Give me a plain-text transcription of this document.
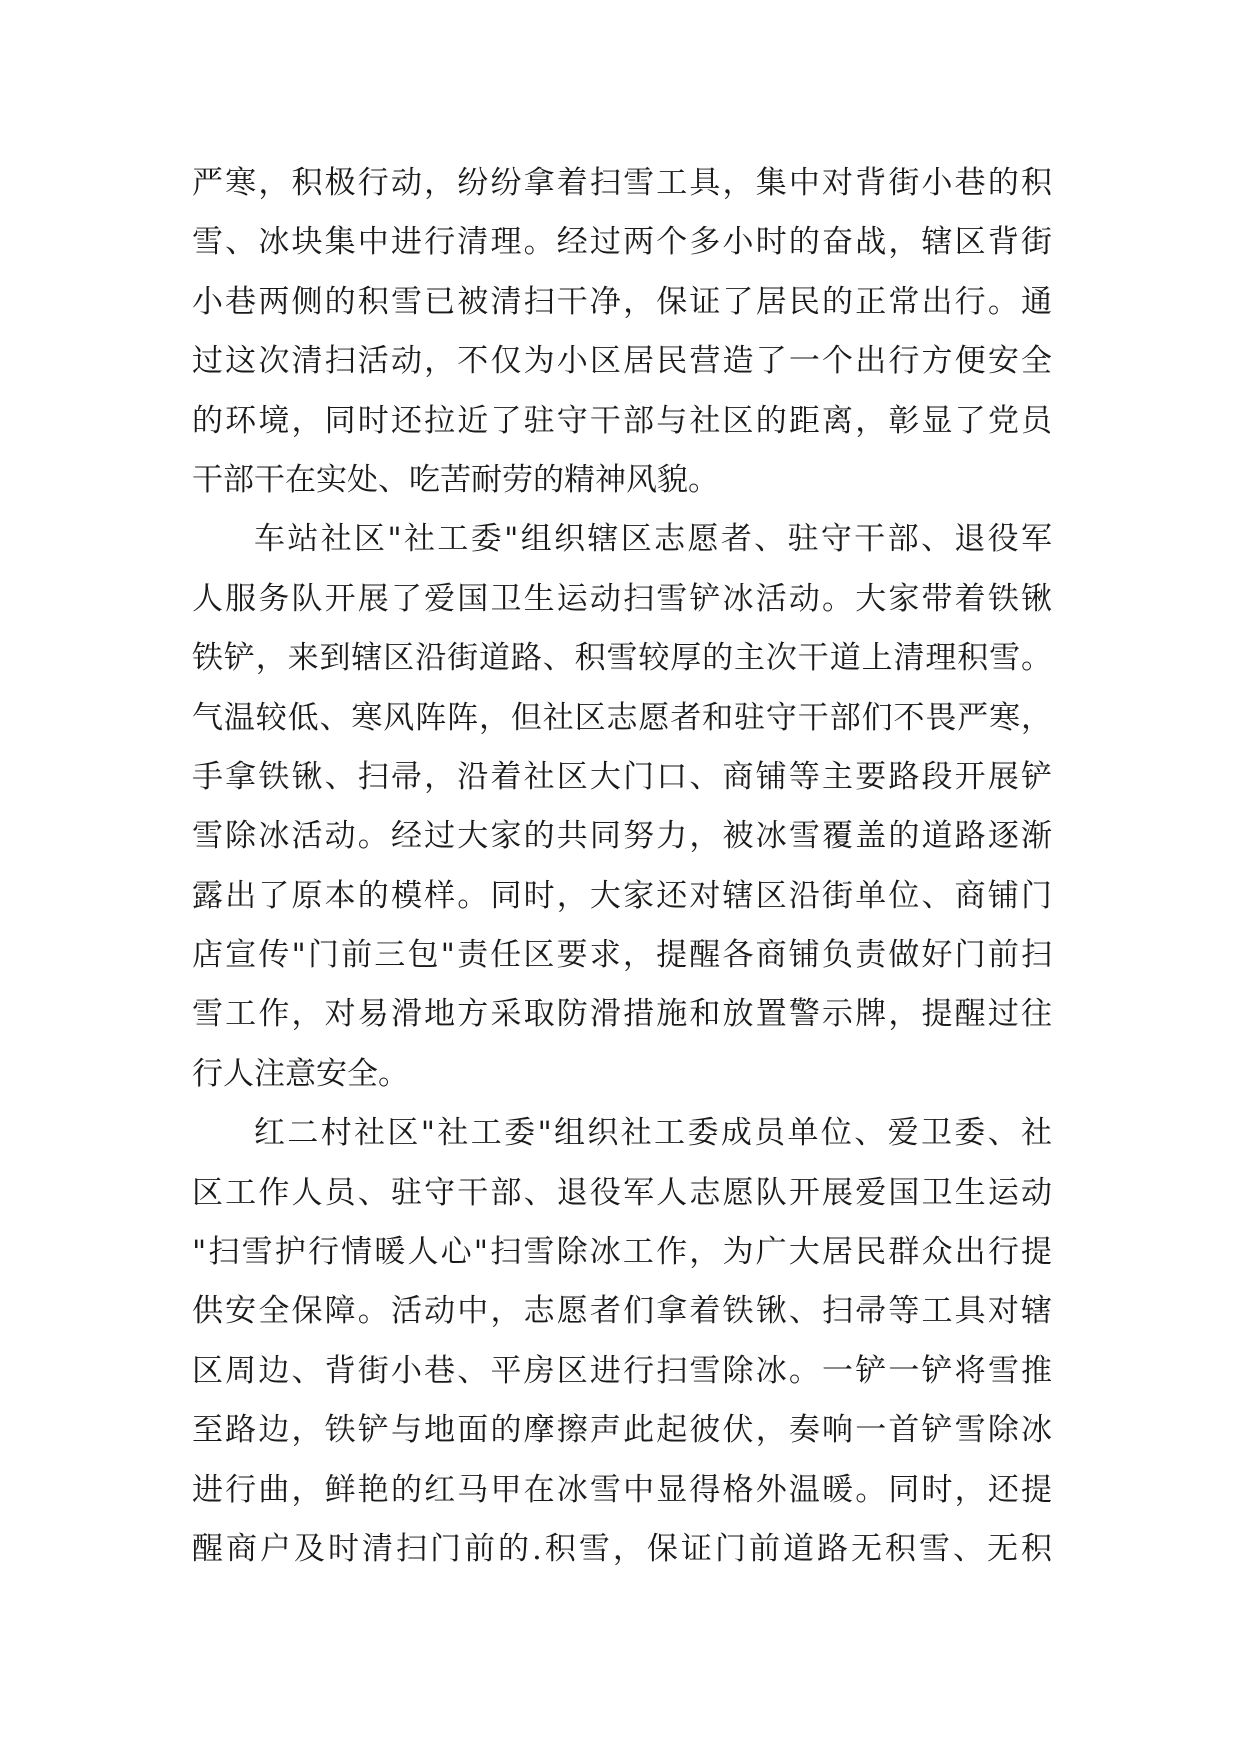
严寒，积极行动，纷纷拿着扫雪工具，集中对背街小巷的积
雪、冰块集中进行清理。经过两个多小时的奋战，辖区背街
小巷两侧的积雪已被清扫干净，保证了居民的正常出行。通
过这次清扫活动，不仅为小区居民营造了一个出行方便安全
的环境，同时还拉近了驻守干部与社区的距离，彰显了党员
干部干在实处、吃苦耐劳的精神风貌。
车站社区"社工委"组织辖区志愿者、驻守干部、退役军
人服务队开展了爱国卫生运动扫雪铲冰活动。大家带着铁锹
铁铲，来到辖区沿街道路、积雪较厚的主次干道上清理积雪。
气温较低、寒风阵阵，但社区志愿者和驻守干部们不畏严寒，
手拿铁锹、扫帚，沿着社区大门口、商铺等主要路段开展铲
雪除冰活动。经过大家的共同努力，被冰雪覆盖的道路逐渐
露出了原本的模样。同时，大家还对辖区沿街单位、商铺门
店宣传"门前三包"责任区要求，提醒各商铺负责做好门前扫
雪工作，对易滑地方采取防滑措施和放置警示牌，提醒过往
行人注意安全。
红二村社区"社工委"组织社工委成员单位、爱卫委、社
区工作人员、驻守干部、退役军人志愿队开展爱国卫生运动
"扫雪护行情暖人心"扫雪除冰工作，为广大居民群众出行提
供安全保障。活动中，志愿者们拿着铁锹、扫帚等工具对辖
区周边、背街小巷、平房区进行扫雪除冰。一铲一铲将雪推
至路边，铁铲与地面的摩擦声此起彼伏，奏响一首铲雪除冰
进行曲，鲜艳的红马甲在冰雪中显得格外温暖。同时，还提
醒商户及时清扫门前的.积雪，保证门前道路无积雪、无积
